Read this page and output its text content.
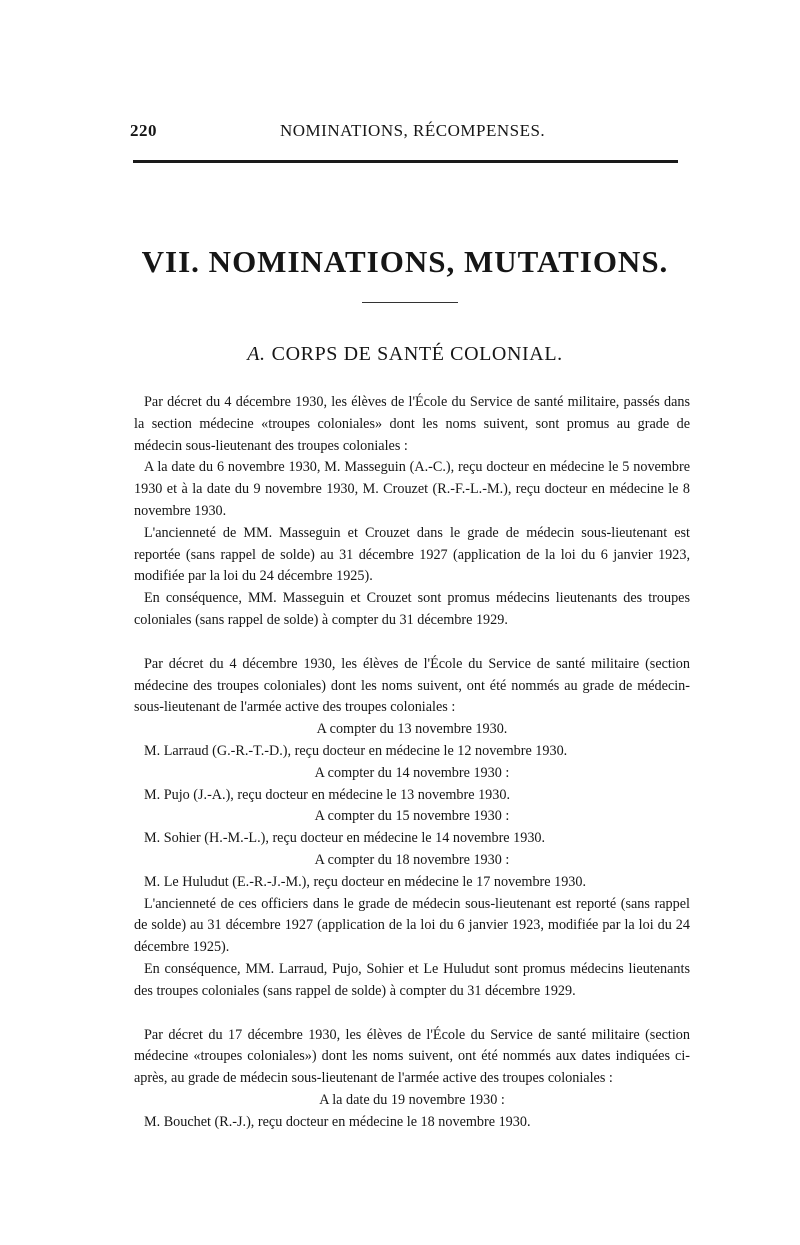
220	NOMINATIONS, RÉCOMPENSES.
VII. NOMINATIONS, MUTATIONS.
A. CORPS DE SANTÉ COLONIAL.

Par décret du 4 décembre 1930, les élèves de l'École du Service de santé militaire, passés dans la section médecine «troupes coloniales» dont les noms suivent, sont promus au grade de médecin sous-lieutenant des troupes coloniales :

A la date du 6 novembre 1930, M. Masseguin (A.-C.), reçu docteur en médecine le 5 novembre 1930 et à la date du 9 novembre 1930, M. Crouzet (R.-F.-L.-M.), reçu docteur en médecine le 8 novembre 1930.

L'ancienneté de MM. Masseguin et Crouzet dans le grade de médecin sous-lieutenant est reportée (sans rappel de solde) au 31 décembre 1927 (application de la loi du 6 janvier 1923, modifiée par la loi du 24 décembre 1925).

En conséquence, MM. Masseguin et Crouzet sont promus médecins lieutenants des troupes coloniales (sans rappel de solde) à compter du 31 décembre 1929.

Par décret du 4 décembre 1930, les élèves de l'École du Service de santé militaire (section médecine des troupes coloniales) dont les noms suivent, ont été nommés au grade de médecin-sous-lieutenant de l'armée active des troupes coloniales :

A compter du 13 novembre 1930.

M. Larraud (G.-R.-T.-D.), reçu docteur en médecine le 12 novembre 1930.

A compter du 14 novembre 1930 :

M. Pujo (J.-A.), reçu docteur en médecine le 13 novembre 1930.

A compter du 15 novembre 1930 :

M. Sohier (H.-M.-L.), reçu docteur en médecine le 14 novembre 1930.

A compter du 18 novembre 1930 :

M. Le Huludut (E.-R.-J.-M.), reçu docteur en médecine le 17 novembre 1930.

L'ancienneté de ces officiers dans le grade de médecin sous-lieutenant est reporté (sans rappel de solde) au 31 décembre 1927 (application de la loi du 6 janvier 1923, modifiée par la loi du 24 décembre 1925).

En conséquence, MM. Larraud, Pujo, Sohier et Le Huludut sont promus médecins lieutenants des troupes coloniales (sans rappel de solde) à compter du 31 décembre 1929.

Par décret du 17 décembre 1930, les élèves de l'École du Service de santé militaire (section médecine «troupes coloniales») dont les noms suivent, ont été nommés aux dates indiquées ci-après, au grade de médecin sous-lieutenant de l'armée active des troupes coloniales :

A la date du 19 novembre 1930 :

M. Bouchet (R.-J.), reçu docteur en médecine le 18 novembre 1930.
